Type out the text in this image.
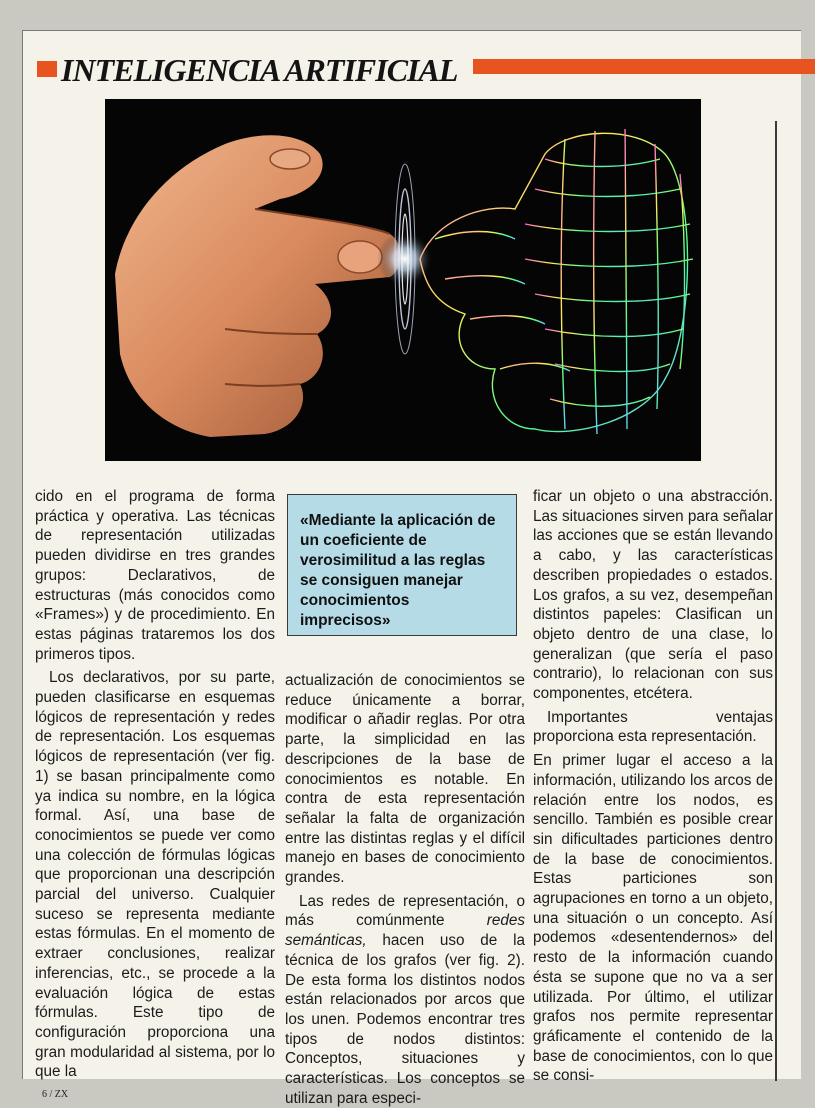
INTELIGENCIA ARTIFICIAL

cido en el programa de forma práctica y operativa. Las técnicas de representación utilizadas pueden dividirse en tres grandes grupos: Declarativos, de estructuras (más conocidos como «Frames») y de procedimiento. En estas páginas trataremos los dos primeros tipos.

Los declarativos, por su parte, pueden clasificarse en esquemas lógicos de representación y redes de representación. Los esquemas lógicos de representación (ver fig. 1) se basan principalmente como ya indica su nombre, en la lógica formal. Así, una base de conocimientos se puede ver como una colección de fórmulas lógicas que proporcionan una descripción parcial del universo. Cualquier suceso se representa mediante estas fórmulas. En el momento de extraer conclusiones, realizar inferencias, etc., se procede a la evaluación lógica de estas fórmulas. Este tipo de configuración proporciona una gran modularidad al sistema, por lo que la

«Mediante la aplicación de un coeficiente de verosimilitud a las reglas se consiguen manejar conocimientos imprecisos»

actualización de conocimientos se reduce únicamente a borrar, modificar o añadir reglas. Por otra parte, la simplicidad en las descripciones de la base de conocimientos es notable. En contra de esta representación señalar la falta de organización entre las distintas reglas y el difícil manejo en bases de conocimiento grandes.

Las redes de representación, o más comúnmente redes semánticas, hacen uso de la técnica de los grafos (ver fig. 2). De esta forma los distintos nodos están relacionados por arcos que los unen. Podemos encontrar tres tipos de nodos distintos: Conceptos, situaciones y características. Los conceptos se utilizan para especi-

ficar un objeto o una abstracción. Las situaciones sirven para señalar las acciones que se están llevando a cabo, y las características describen propiedades o estados. Los grafos, a su vez, desempeñan distintos papeles: Clasifican un objeto dentro de una clase, lo generalizan (que sería el paso contrario), lo relacionan con sus componentes, etcétera.

Importantes ventajas proporciona esta representación.

En primer lugar el acceso a la información, utilizando los arcos de relación entre los nodos, es sencillo. También es posible crear sin dificultades particiones dentro de la base de conocimientos. Estas particiones son agrupaciones en torno a un objeto, una situación o un concepto. Así podemos «desentendernos» del resto de la información cuando ésta se supone que no va a ser utilizada. Por último, el utilizar grafos nos permite representar gráficamente el contenido de la base de conocimientos, con lo que se consi-

6 / ZX
